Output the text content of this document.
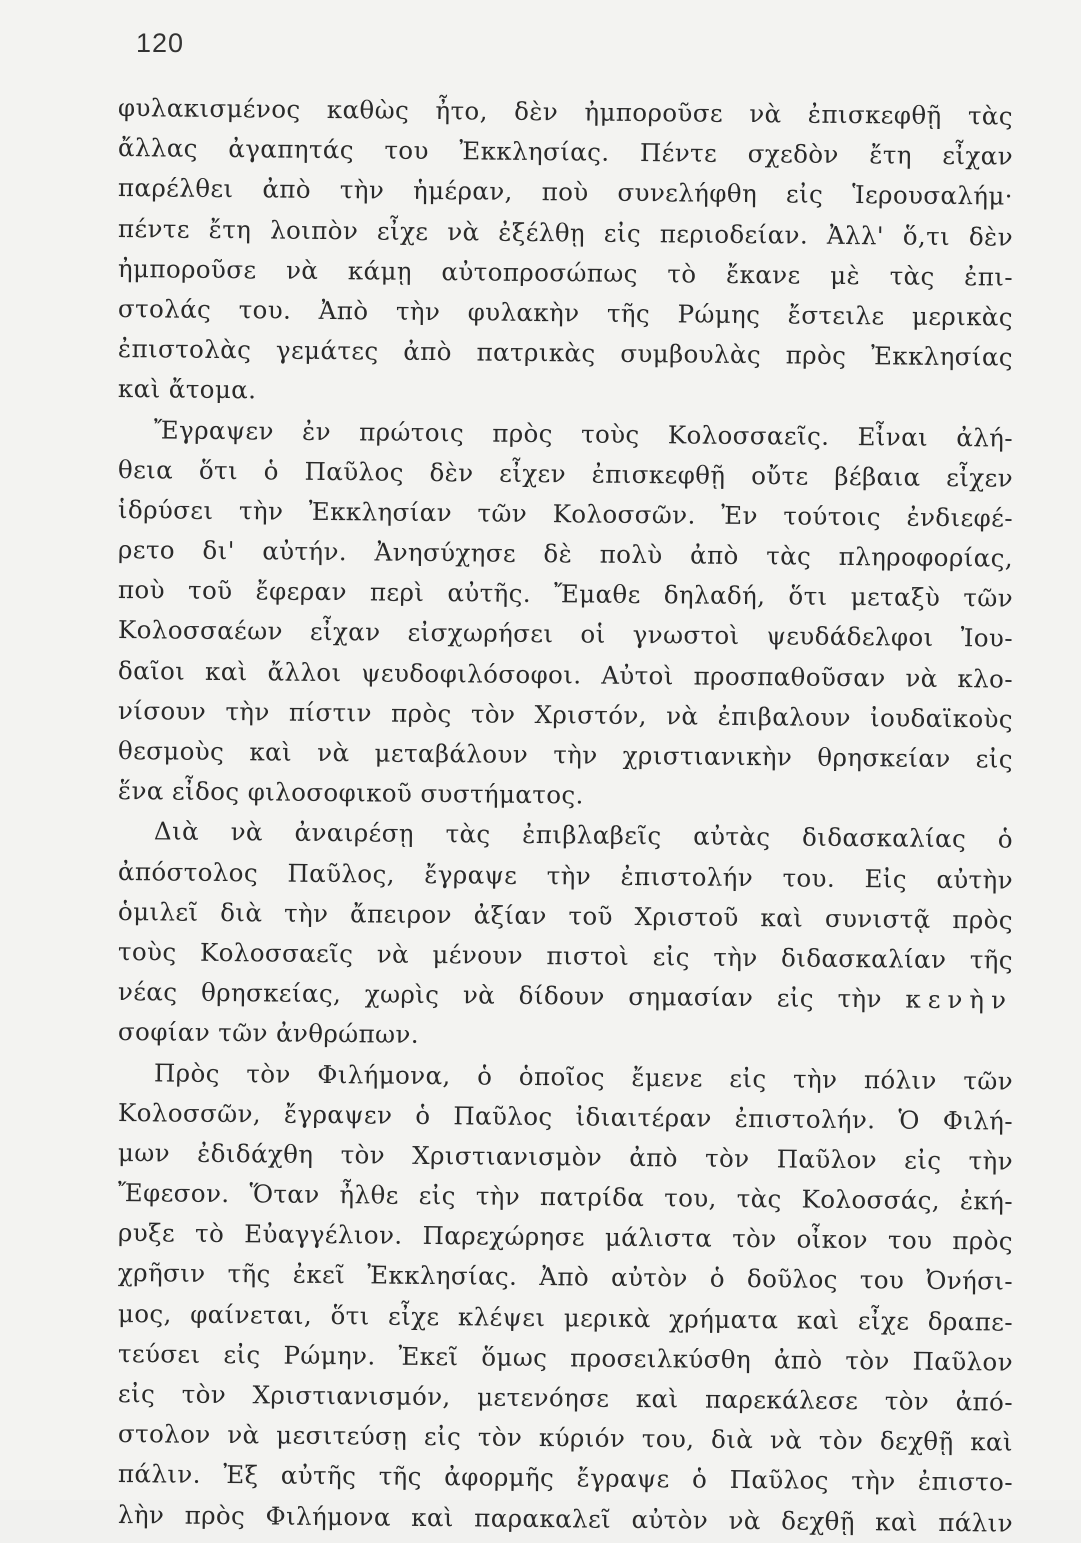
120
φυλακισμένος καθὼς ἦτο, δὲν ἠμποροῦσε νὰ ἐπισκεφθῇ τὰς
ἄλλας ἀγαπητάς του Ἐκκλησίας. Πέντε σχεδὸν ἔτη εἶχαν
παρέλθει ἀπὸ τὴν ἡμέραν, ποὺ συνελήφθη εἰς Ἱερουσαλήμ·
πέντε ἔτη λοιπὸν εἶχε νὰ ἐξέλθῃ εἰς περιοδείαν. Ἀλλ' ὅ,τι δὲν
ἠμποροῦσε νὰ κάμῃ αὐτοπροσώπως τὸ ἔκανε μὲ τὰς ἐπι-
στολάς του. Ἀπὸ τὴν φυλακὴν τῆς Ρώμης ἔστειλε μερικὰς
ἐπιστολὰς γεμάτες ἀπὸ πατρικὰς συμβουλὰς πρὸς Ἐκκλησίας
καὶ ἄτομα.
Ἔγραψεν ἐν πρώτοις πρὸς τοὺς Κολοσσαεῖς. Εἶναι ἀλή-
θεια ὅτι ὁ Παῦλος δὲν εἶχεν ἐπισκεφθῇ οὔτε βέβαια εἶχεν
ἱδρύσει τὴν Ἐκκλησίαν τῶν Κολοσσῶν. Ἐν τούτοις ἐνδιεφέ-
ρετο δι' αὐτήν. Ἀνησύχησε δὲ πολὺ ἀπὸ τὰς πληροφορίας,
ποὺ τοῦ ἔφεραν περὶ αὐτῆς. Ἔμαθε δηλαδή, ὅτι μεταξὺ τῶν
Κολοσσαέων εἶχαν εἰσχωρήσει οἱ γνωστοὶ ψευδάδελφοι Ἰου-
δαῖοι καὶ ἄλλοι ψευδοφιλόσοφοι. Αὐτοὶ προσπαθοῦσαν νὰ κλο-
νίσουν τὴν πίστιν πρὸς τὸν Χριστόν, νὰ ἐπιβαλουν ἰουδαϊκοὺς
θεσμοὺς καὶ νὰ μεταβάλουν τὴν χριστιανικὴν θρησκείαν εἰς
ἕνα εἶδος φιλοσοφικοῦ συστήματος.
Διὰ νὰ ἀναιρέσῃ τὰς ἐπιβλαβεῖς αὐτὰς διδασκαλίας ὁ
ἀπόστολος Παῦλος, ἔγραψε τὴν ἐπιστολήν του. Εἰς αὐτὴν
ὁμιλεῖ διὰ τὴν ἄπειρον ἀξίαν τοῦ Χριστοῦ καὶ συνιστᾷ πρὸς
τοὺς Κολοσσαεῖς νὰ μένουν πιστοὶ εἰς τὴν διδασκαλίαν τῆς
νέας θρησκείας, χωρὶς νὰ δίδουν σημασίαν εἰς τὴν κενὴν
σοφίαν τῶν ἀνθρώπων.
Πρὸς τὸν Φιλήμονα, ὁ ὁποῖος ἔμενε εἰς τὴν πόλιν τῶν
Κολοσσῶν, ἔγραψεν ὁ Παῦλος ἰδιαιτέραν ἐπιστολήν. Ὁ Φιλή-
μων ἐδιδάχθη τὸν Χριστιανισμὸν ἀπὸ τὸν Παῦλον εἰς τὴν
Ἔφεσον. Ὅταν ἦλθε εἰς τὴν πατρίδα του, τὰς Κολοσσάς, ἐκή-
ρυξε τὸ Εὐαγγέλιον. Παρεχώρησε μάλιστα τὸν οἶκον του πρὸς
χρῆσιν τῆς ἐκεῖ Ἐκκλησίας. Ἀπὸ αὐτὸν ὁ δοῦλος του Ὀνήσι-
μος, φαίνεται, ὅτι εἶχε κλέψει μερικὰ χρήματα καὶ εἶχε δραπε-
τεύσει εἰς Ρώμην. Ἐκεῖ ὅμως προσειλκύσθη ἀπὸ τὸν Παῦλον
εἰς τὸν Χριστιανισμόν, μετενόησε καὶ παρεκάλεσε τὸν ἀπό-
στολον νὰ μεσιτεύσῃ εἰς τὸν κύριόν του, διὰ νὰ τὸν δεχθῇ καὶ
πάλιν. Ἐξ αὐτῆς τῆς ἀφορμῆς ἔγραψε ὁ Παῦλος τὴν ἐπιστο-
λὴν πρὸς Φιλήμονα καὶ παρακαλεῖ αὐτὸν νὰ δεχθῇ καὶ πάλιν
